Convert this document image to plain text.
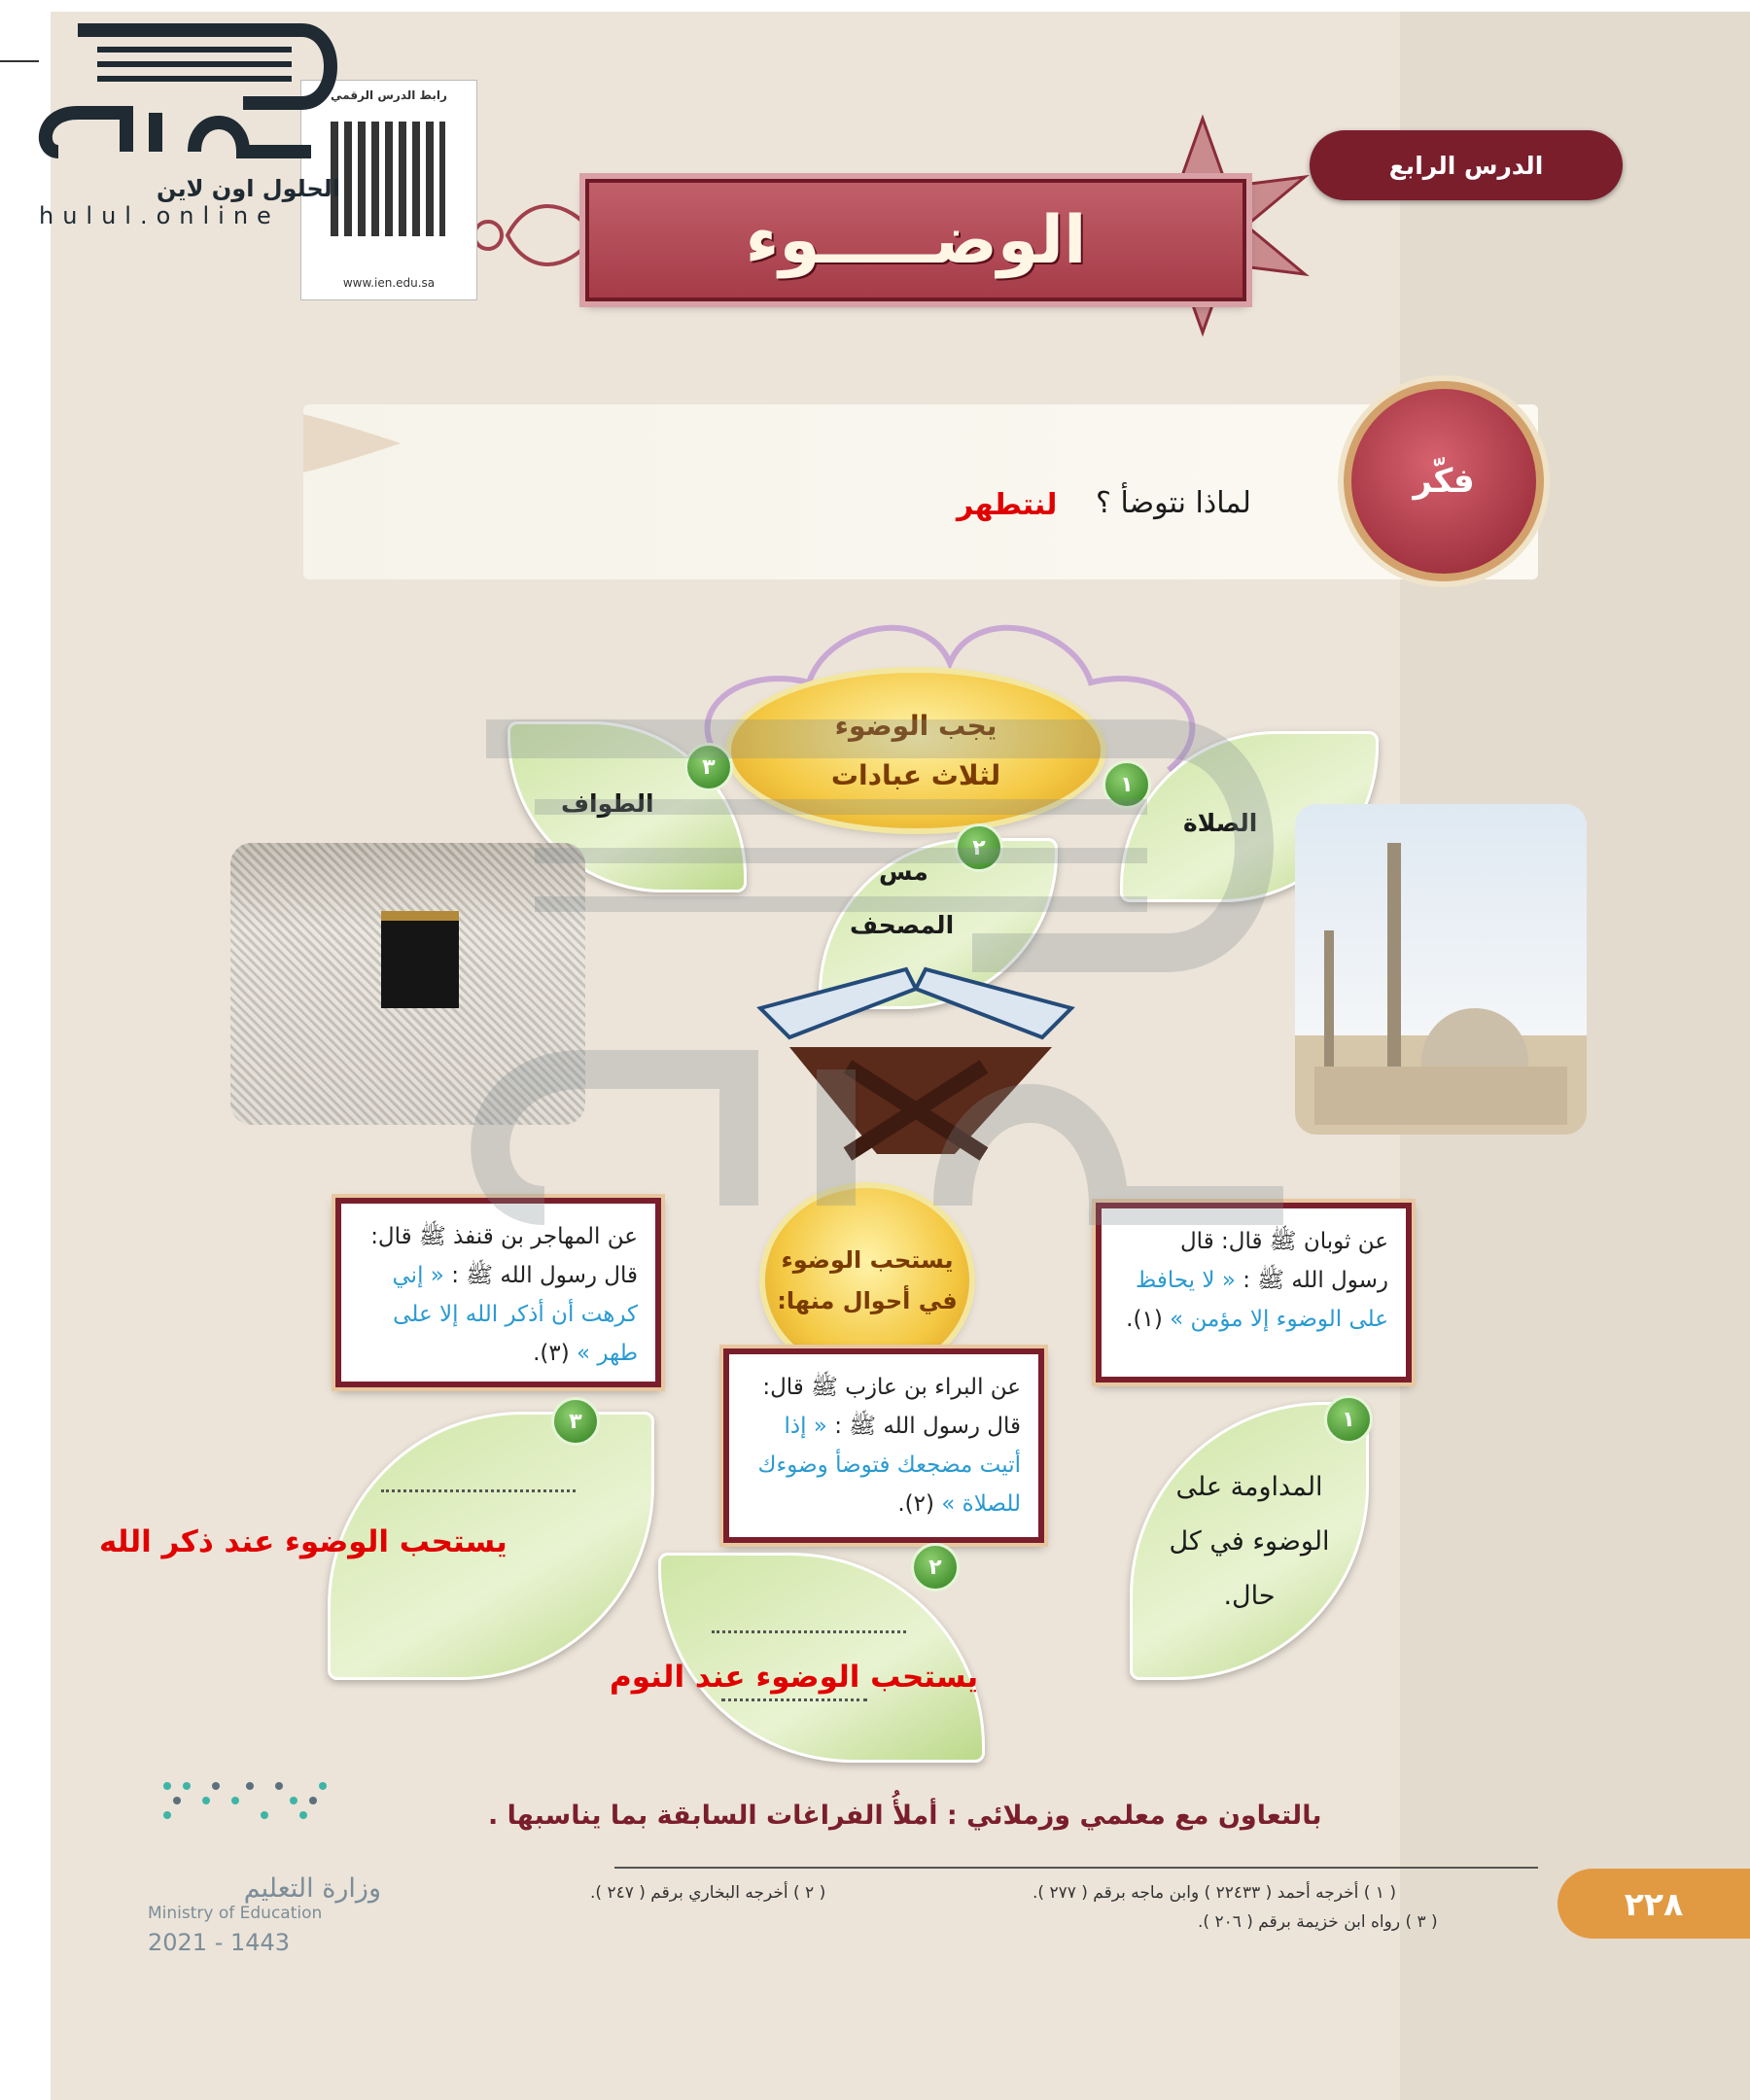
الدرس الرابع
الوضـــــوء
رابط الدرس الرقمي
www.ien.edu.sa
فكّر
لماذا نتوضأ ؟
لنتطهر
يجب الوضوء
لثلاث عبادات	١
٢
٣
الصلاة
مس
المصحف
الطواف
يستحب الوضوء
في أحوال منها:
عن ثوبان ﷺ قال: قال رسول الله ﷺ : « لا يحافظ على الوضوء إلا مؤمن » (١).
عن البراء بن عازب ﷺ قال: قال رسول الله ﷺ : « إذا أتيت مضجعك فتوضأ وضوءك للصلاة » (٢).
عن المهاجر بن قنفذ ﷺ قال: قال رسول الله ﷺ : « إني كرهت أن أذكر الله إلا على طهر » (٣).
١
٢
٣
المداومة على الوضوء في كل حال.
يستحب الوضوء عند ذكر الله
يستحب الوضوء عند النوم
بالتعاون مع معلمي وزملائي : أملأُ الفراغات السابقة بما يناسبها .
( ١ ) أخرجه أحمد ( ٢٢٤٣٣ ) وابن ماجه برقم ( ٢٧٧ ).
( ٢ ) أخرجه البخاري برقم ( ٢٤٧ ).
( ٣ ) رواه ابن خزيمة برقم ( ٢٠٦ ).	٢٢٨
وزارة التعليم
Ministry of Education
2021 - 1443
الحلول اون لاين
hulul.online
